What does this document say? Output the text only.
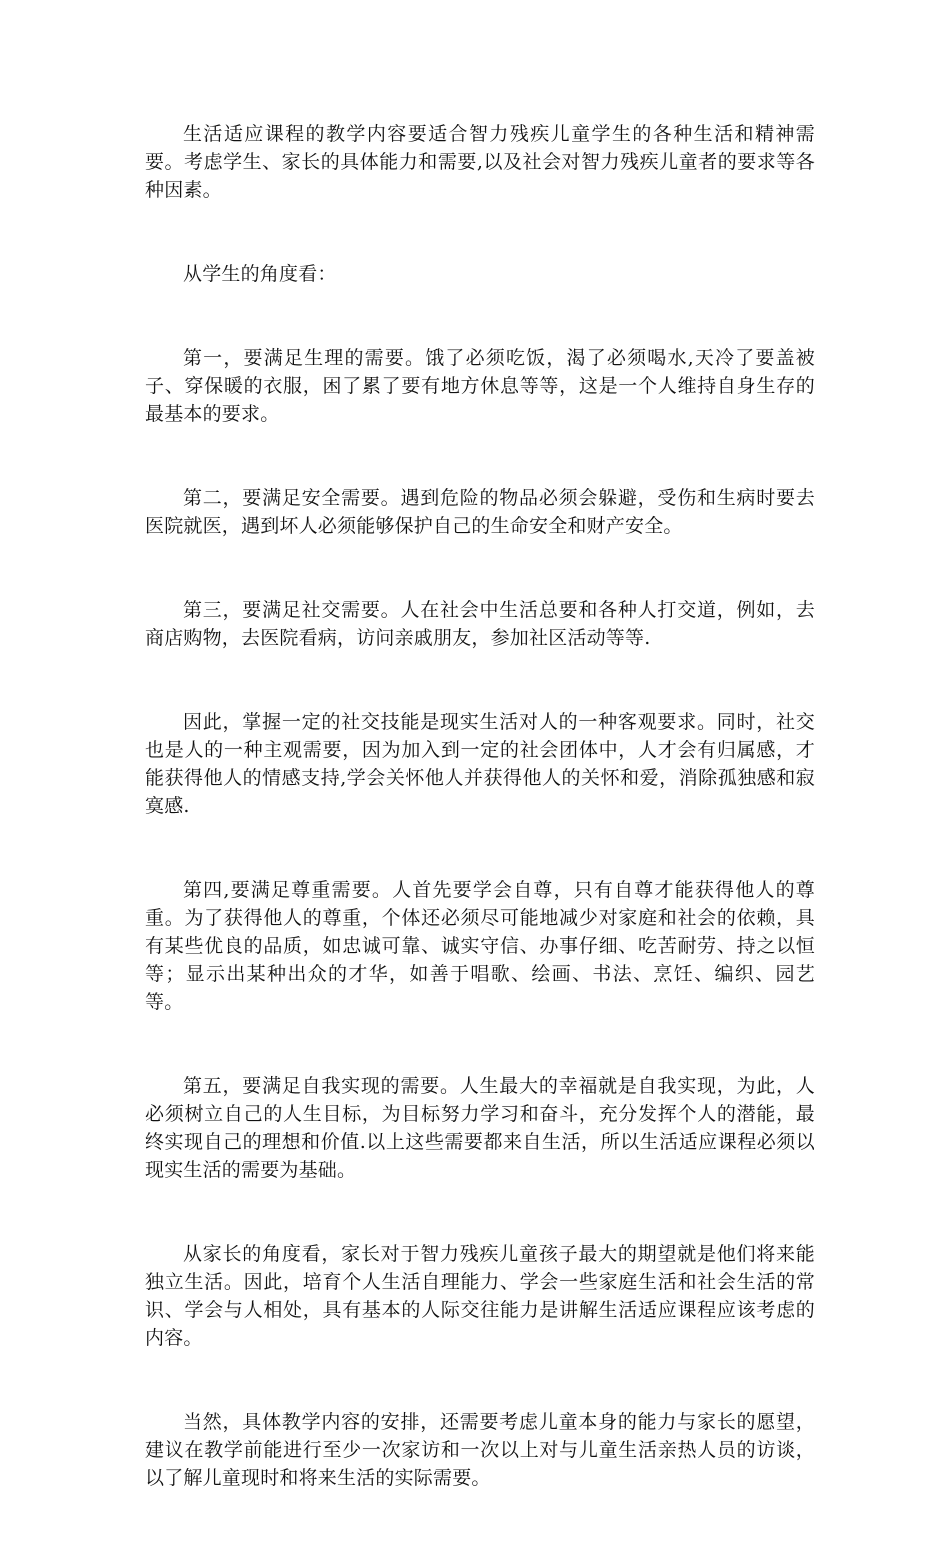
生活适应课程的教学内容要适合智力残疾儿童学生的各种生活和精神需要。考虑学生、家长的具体能力和需要,以及社会对智力残疾儿童者的要求等各种因素。

从学生的角度看：

第一，要满足生理的需要。饿了必须吃饭，渴了必须喝水,天冷了要盖被子、穿保暖的衣服，困了累了要有地方休息等等，这是一个人维持自身生存的最基本的要求。

第二，要满足安全需要。遇到危险的物品必须会躲避，受伤和生病时要去医院就医，遇到坏人必须能够保护自己的生命安全和财产安全。

第三，要满足社交需要。人在社会中生活总要和各种人打交道，例如，去商店购物，去医院看病，访问亲戚朋友，参加社区活动等等.

因此，掌握一定的社交技能是现实生活对人的一种客观要求。同时，社交也是人的一种主观需要，因为加入到一定的社会团体中，人才会有归属感，才能获得他人的情感支持,学会关怀他人并获得他人的关怀和爱，消除孤独感和寂寞感.

第四,要满足尊重需要。人首先要学会自尊，只有自尊才能获得他人的尊重。为了获得他人的尊重，个体还必须尽可能地减少对家庭和社会的依赖，具有某些优良的品质，如忠诚可靠、诚实守信、办事仔细、吃苦耐劳、持之以恒等；显示出某种出众的才华，如善于唱歌、绘画、书法、烹饪、编织、园艺等。

第五，要满足自我实现的需要。人生最大的幸福就是自我实现，为此，人必须树立自己的人生目标，为目标努力学习和奋斗，充分发挥个人的潜能，最终实现自己的理想和价值.以上这些需要都来自生活，所以生活适应课程必须以现实生活的需要为基础。

从家长的角度看，家长对于智力残疾儿童孩子最大的期望就是他们将来能独立生活。因此，培育个人生活自理能力、学会一些家庭生活和社会生活的常识、学会与人相处，具有基本的人际交往能力是讲解生活适应课程应该考虑的内容。

当然，具体教学内容的安排，还需要考虑儿童本身的能力与家长的愿望，建议在教学前能进行至少一次家访和一次以上对与儿童生活亲热人员的访谈，以了解儿童现时和将来生活的实际需要。
